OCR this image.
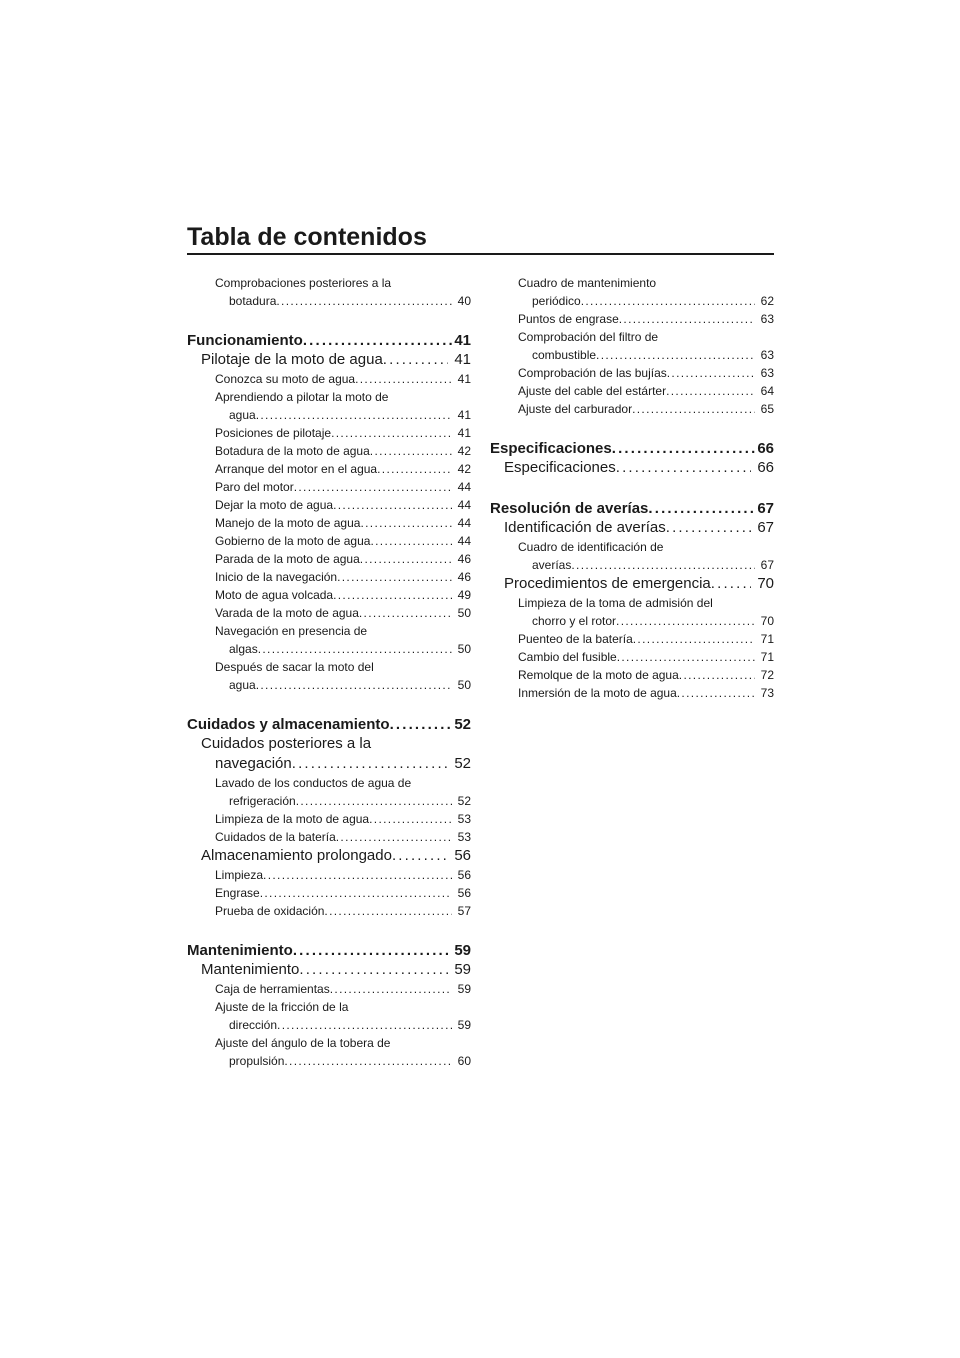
Tabla de contenidos
Comprobaciones posteriores a la
botadura . . .	40
Funcionamiento . . .	41
Pilotaje de la moto de agua . . .	41
Conozca su moto de agua . . .	41
Aprendiendo a pilotar la moto de
agua . . .	41
Posiciones de pilotaje . . .	41
Botadura de la moto de agua . . .	42
Arranque del motor en el agua . . .	42
Paro del motor . . .	44
Dejar la moto de agua . . .	44
Manejo de la moto de agua . . .	44
Gobierno de la moto de agua . . .	44
Parada de la moto de agua . . .	46
Inicio de la navegación . . .	46
Moto de agua volcada . . .	49
Varada de la moto de agua . . .	50
Navegación en presencia de
algas . . .	50
Después de sacar la moto del
agua . . .	50
Cuidados y almacenamiento . . .	52
Cuidados posteriores a la
navegación . . .	52
Lavado de los conductos de agua de
refrigeración . . .	52
Limpieza de la moto de agua . . .	53
Cuidados de la batería . . .	53
Almacenamiento prolongado . . .	56
Limpieza . . .	56
Engrase . . .	56
Prueba de oxidación . . .	57
Mantenimiento . . .	59
Mantenimiento . . .	59
Caja de herramientas . . .	59
Ajuste de la fricción de la
dirección . . .	59
Ajuste del ángulo de la tobera de
propulsión . . .	60
Cuadro de mantenimiento
periódico . . .	62
Puntos de engrase . . .	63
Comprobación del filtro de
combustible . . .	63
Comprobación de las bujías . . .	63
Ajuste del cable del estárter . . .	64
Ajuste del carburador . . .	65
Especificaciones . . .	66
Especificaciones . . .	66
Resolución de averías . . .	67
Identificación de averías . . .	67
Cuadro de identificación de
averías . . .	67
Procedimientos de emergencia . . .	70
Limpieza de la toma de admisión del
chorro y el rotor . . .	70
Puenteo de la batería . . .	71
Cambio del fusible . . .	71
Remolque de la moto de agua . . .	72
Inmersión de la moto de agua . . .	73
